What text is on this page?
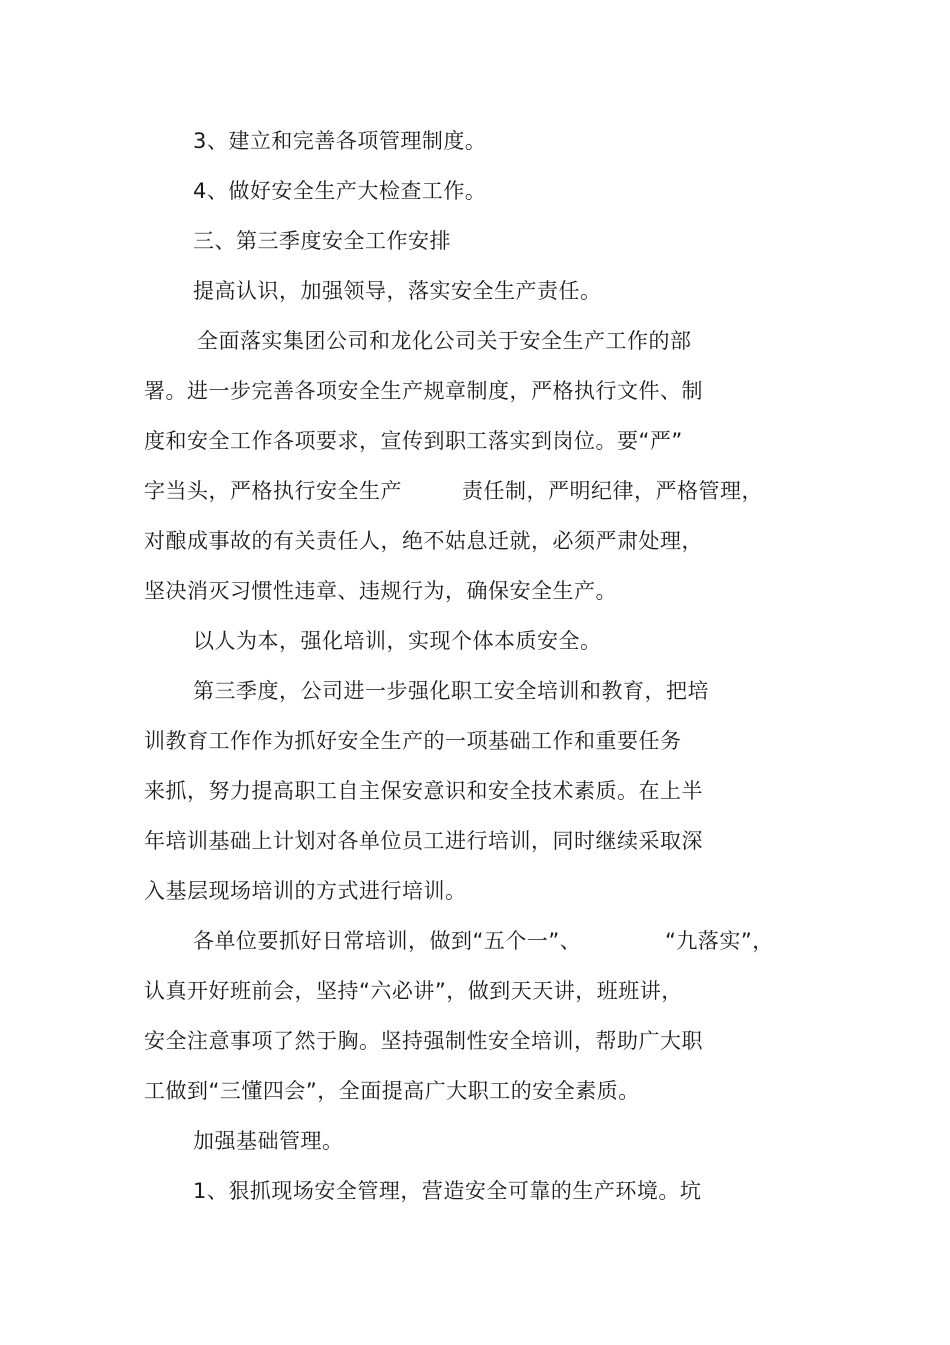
3、建立和完善各项管理制度。
4、做好安全生产大检查工作。
三、第三季度安全工作安排
提高认识，加强领导，落实安全生产责任。
全面落实集团公司和龙化公司关于安全生产工作的部
署。进一步完善各项安全生产规章制度，严格执行文件、制
度和安全工作各项要求，宣传到职工落实到岗位。要“严”
字当头，严格执行安全生产	责任制，严明纪律，严格管理，
对酿成事故的有关责任人，绝不姑息迁就，必须严肃处理，
坚决消灭习惯性违章、违规行为，确保安全生产。
以人为本，强化培训，实现个体本质安全。
第三季度，公司进一步强化职工安全培训和教育，把培
训教育工作作为抓好安全生产的一项基础工作和重要任务
来抓，努力提高职工自主保安意识和安全技术素质。在上半
年培训基础上计划对各单位员工进行培训，同时继续采取深
入基层现场培训的方式进行培训。
各单位要抓好日常培训，做到“五个一”、	“九落实”，
认真开好班前会，坚持“六必讲”，做到天天讲，班班讲，
安全注意事项了然于胸。坚持强制性安全培训，帮助广大职
工做到“三懂四会”，全面提高广大职工的安全素质。
加强基础管理。
1、狠抓现场安全管理，营造安全可靠的生产环境。坑
